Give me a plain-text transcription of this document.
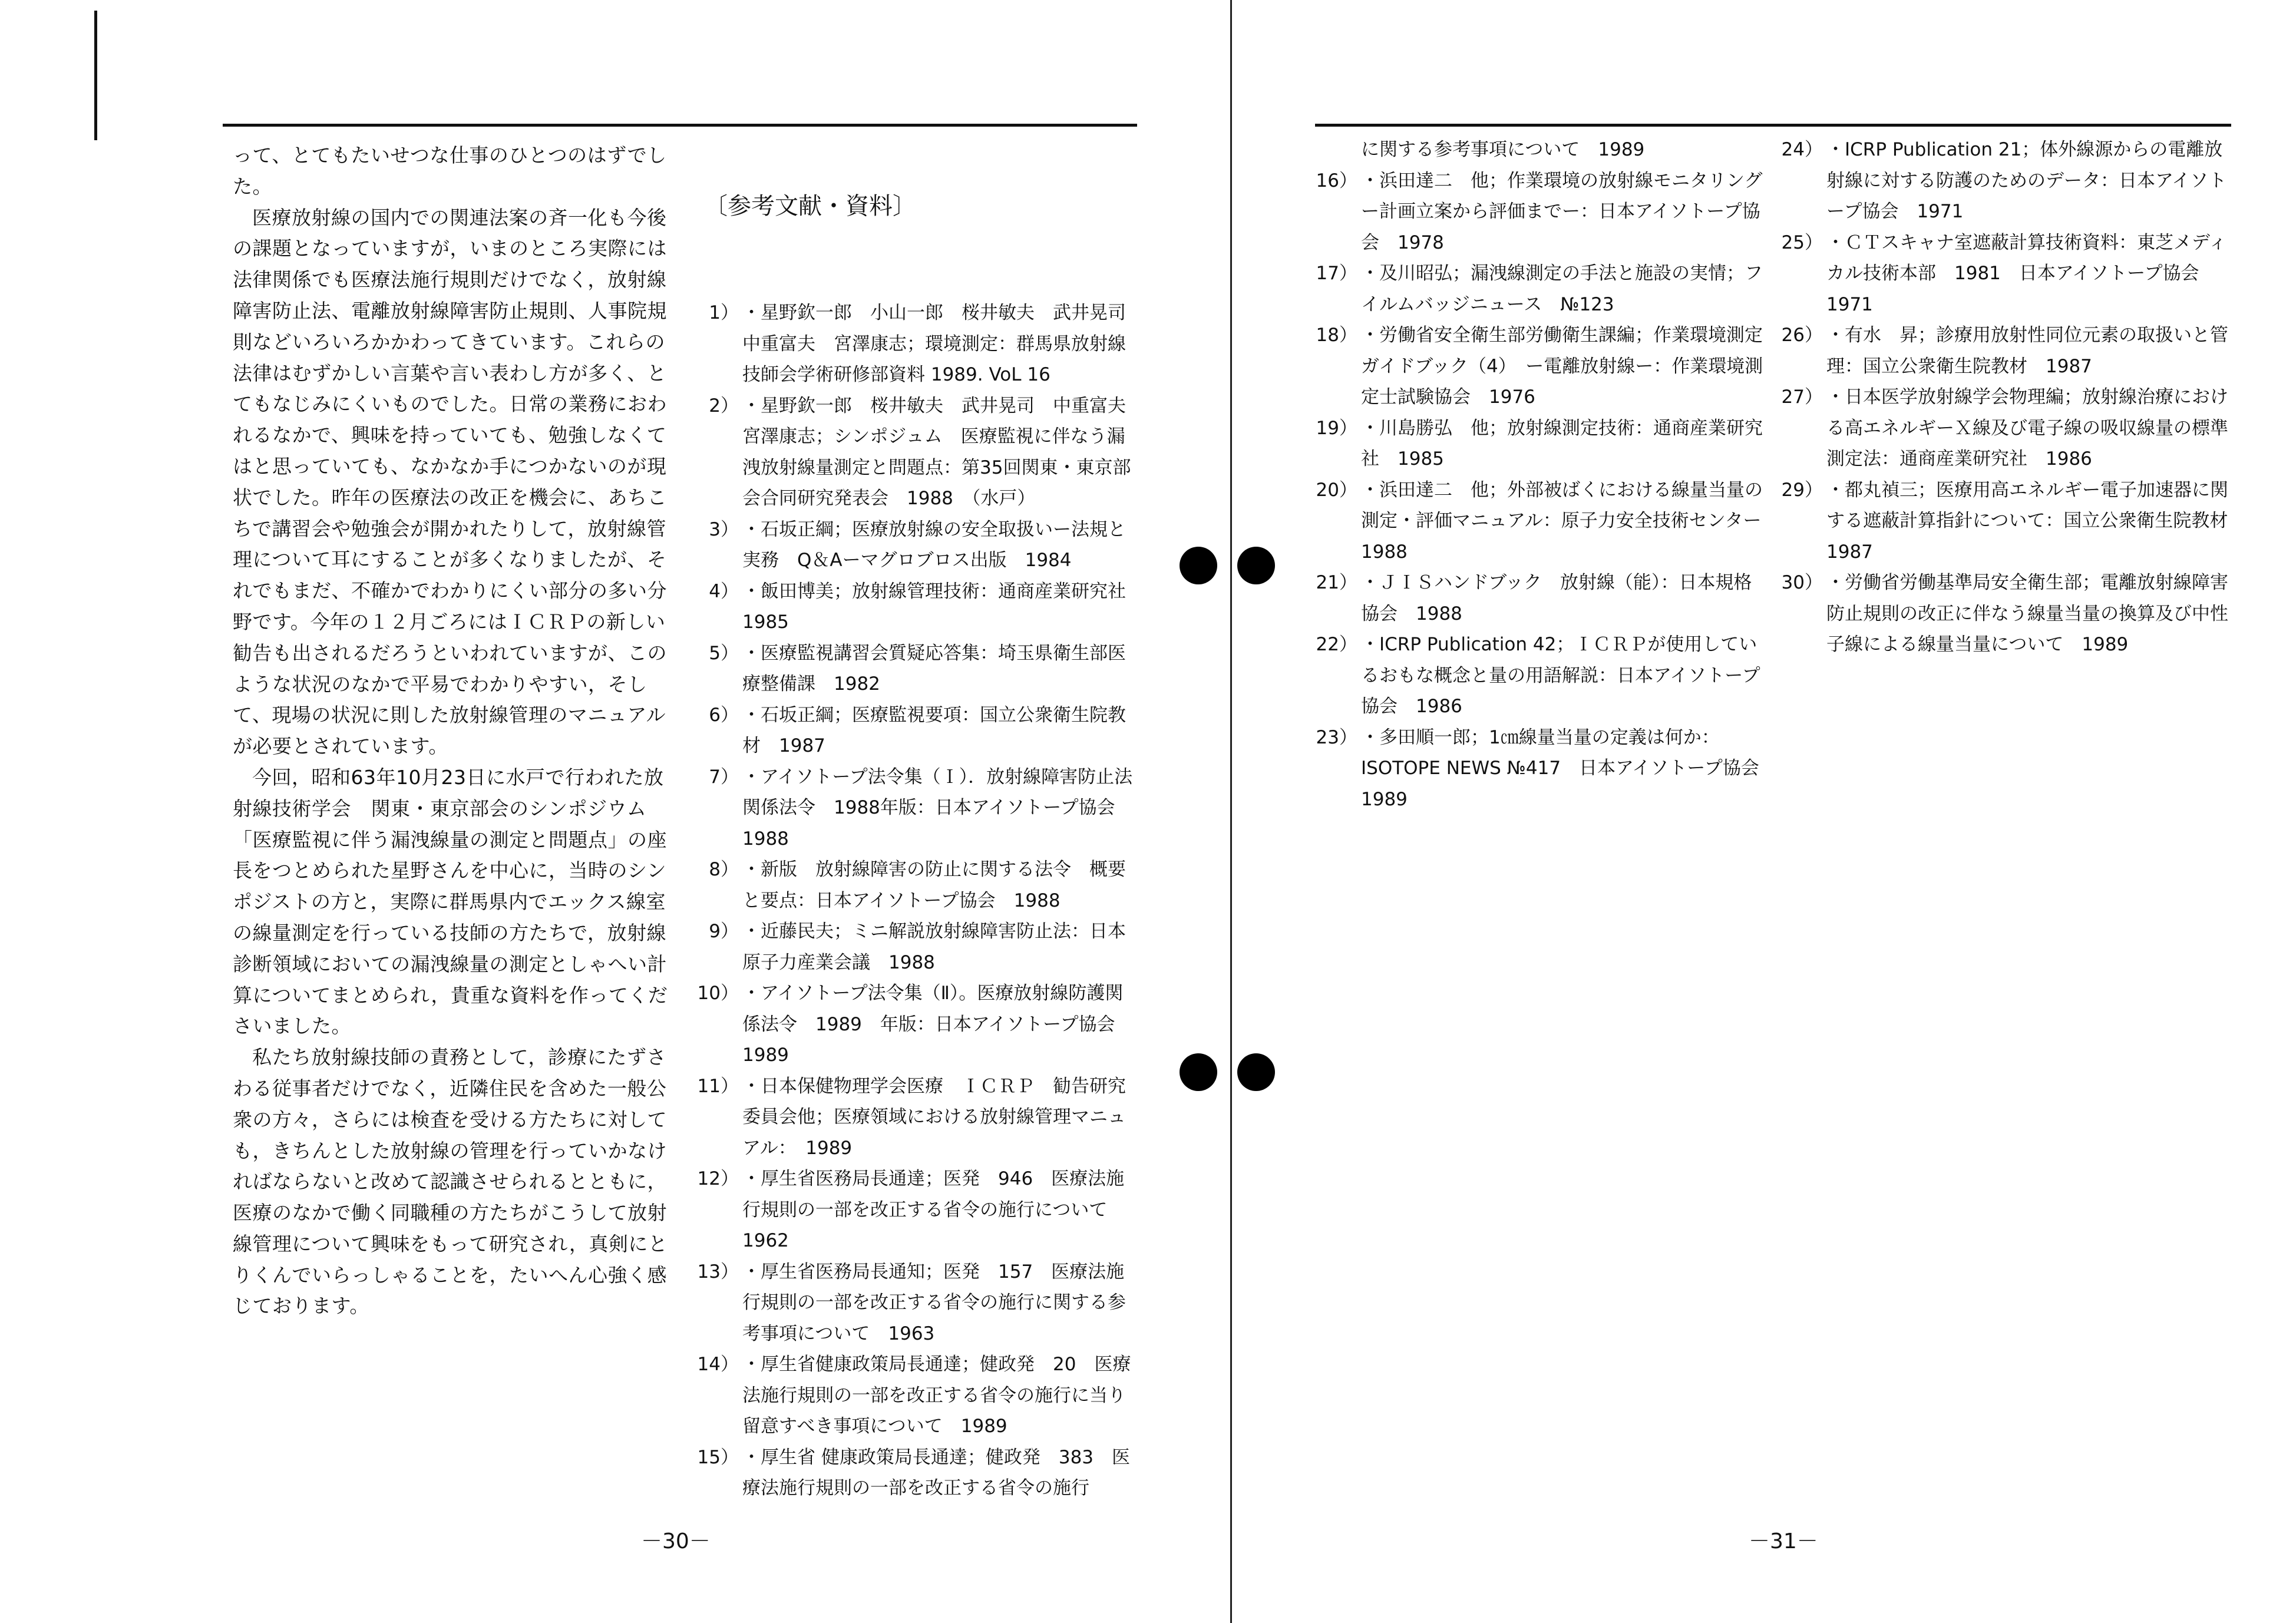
って、とてもたいせつな仕事のひとつのはずでした。

医療放射線の国内での関連法案の斉一化も今後の課題となっていますが，いまのところ実際には法律関係でも医療法施行規則だけでなく，放射線障害防止法、電離放射線障害防止規則、人事院規則などいろいろかかわってきています。これらの法律はむずかしい言葉や言い表わし方が多く、とてもなじみにくいものでした。日常の業務におわれるなかで、興味を持っていても、勉強しなくてはと思っていても、なかなか手につかないのが現状でした。昨年の医療法の改正を機会に、あちこちで講習会や勉強会が開かれたりして，放射線管理について耳にすることが多くなりましたが、それでもまだ、不確かでわかりにくい部分の多い分野です。今年の１２月ごろにはＩＣＲＰの新しい勧告も出されるだろうといわれていますが、このような状況のなかで平易でわかりやすい，そして、現場の状況に則した放射線管理のマニュアルが必要とされています。

今回，昭和63年10月23日に水戸で行われた放射線技術学会　関東・東京部会のシンポジウム「医療監視に伴う漏洩線量の測定と問題点」の座長をつとめられた星野さんを中心に，当時のシンポジストの方と，実際に群馬県内でエックス線室の線量測定を行っている技師の方たちで，放射線診断領域においての漏洩線量の測定としゃへい計算についてまとめられ，貴重な資料を作ってくださいました。

私たち放射線技師の責務として，診療にたずさわる従事者だけでなく，近隣住民を含めた一般公衆の方々，さらには検査を受ける方たちに対しても，きちんとした放射線の管理を行っていかなければならないと改めて認識させられるとともに，医療のなかで働く同職種の方たちがこうして放射線管理について興味をもって研究され，真剣にとりくんでいらっしゃることを，たいへん心強く感じております。

〔参考文献・資料〕
1） ・星野欽一郎　小山一郎　桜井敏夫　武井晃司　中重富夫　宮澤康志；環境測定：群馬県放射線技師会学術研修部資料 1989. VoL 16
2） ・星野欽一郎　桜井敏夫　武井晃司　中重富夫　宮澤康志；シンポジュム　医療監視に伴なう漏洩放射線量測定と問題点：第35回関東・東京部会合同研究発表会　1988　（水戸）
3） ・石坂正綱；医療放射線の安全取扱いー法規と実務　Q＆Aーマグロブロス出版　1984
4） ・飯田博美；放射線管理技術：通商産業研究社　1985
5） ・医療監視講習会質疑応答集：埼玉県衛生部医療整備課　1982
6） ・石坂正綱；医療監視要項：国立公衆衛生院教材　1987
7） ・アイソトープ法令集（Ｉ）．放射線障害防止法関係法令　1988年版：日本アイソトープ協会　1988
8） ・新版　放射線障害の防止に関する法令　概要と要点：日本アイソトープ協会　1988
9） ・近藤民夫；ミニ解説放射線障害防止法：日本原子力産業会議　1988
10） ・アイソトープ法令集（Ⅱ）。医療放射線防護関係法令　1989　年版：日本アイソトープ協会　1989
11） ・日本保健物理学会医療　ＩＣＲＰ　勧告研究委員会他；医療領域における放射線管理マニュアル：　1989
12） ・厚生省医務局長通達；医発　946　医療法施行規則の一部を改正する省令の施行について　1962
13） ・厚生省医務局長通知；医発　157　医療法施行規則の一部を改正する省令の施行に関する参考事項について　1963
14） ・厚生省健康政策局長通達；健政発　20　医療法施行規則の一部を改正する省令の施行に当り留意すべき事項について　1989
15） ・厚生省 健康政策局長通達；健政発　383　医療法施行規則の一部を改正する省令の施行
－30－
に関する参考事項について　1989
16） ・浜田達二　他；作業環境の放射線モニタリング　ー計画立案から評価までー：日本アイソトープ協会　1978
17） ・及川昭弘；漏洩線測定の手法と施設の実情；フイルムバッジニュース　№123
18） ・労働省安全衛生部労働衛生課編；作業環境測定ガイドブック（4）　ー電離放射線ー：作業環境測定士試験協会　1976
19） ・川島勝弘　他；放射線測定技術：通商産業研究社　1985
20） ・浜田達二　他；外部被ばくにおける線量当量の測定・評価マニュアル：原子力安全技術センター　1988
21） ・ＪＩＳハンドブック　放射線（能）：日本規格協会　1988
22） ・ICRP Publication 42；ＩＣＲＰが使用しているおもな概念と量の用語解説：日本アイソトープ協会　1986
23） ・多田順一郎；1㎝線量当量の定義は何か：ISOTOPE NEWS №417　日本アイソトープ協会　1989
24） ・ICRP Publication 21；体外線源からの電離放射線に対する防護のためのデータ：日本アイソトープ協会　1971
25） ・ＣＴスキャナ室遮蔽計算技術資料：東芝メディカル技術本部　1981　日本アイソトープ協会　1971
26） ・有水　昇；診療用放射性同位元素の取扱いと管理：国立公衆衛生院教材　1987
27） ・日本医学放射線学会物理編；放射線治療における高エネルギーＸ線及び電子線の吸収線量の標準測定法：通商産業研究社　1986
29） ・都丸禎三；医療用高エネルギー電子加速器に関する遮蔽計算指針について：国立公衆衛生院教材　1987
30） ・労働省労働基準局安全衛生部；電離放射線障害防止規則の改正に伴なう線量当量の換算及び中性子線による線量当量について　1989
－31－
